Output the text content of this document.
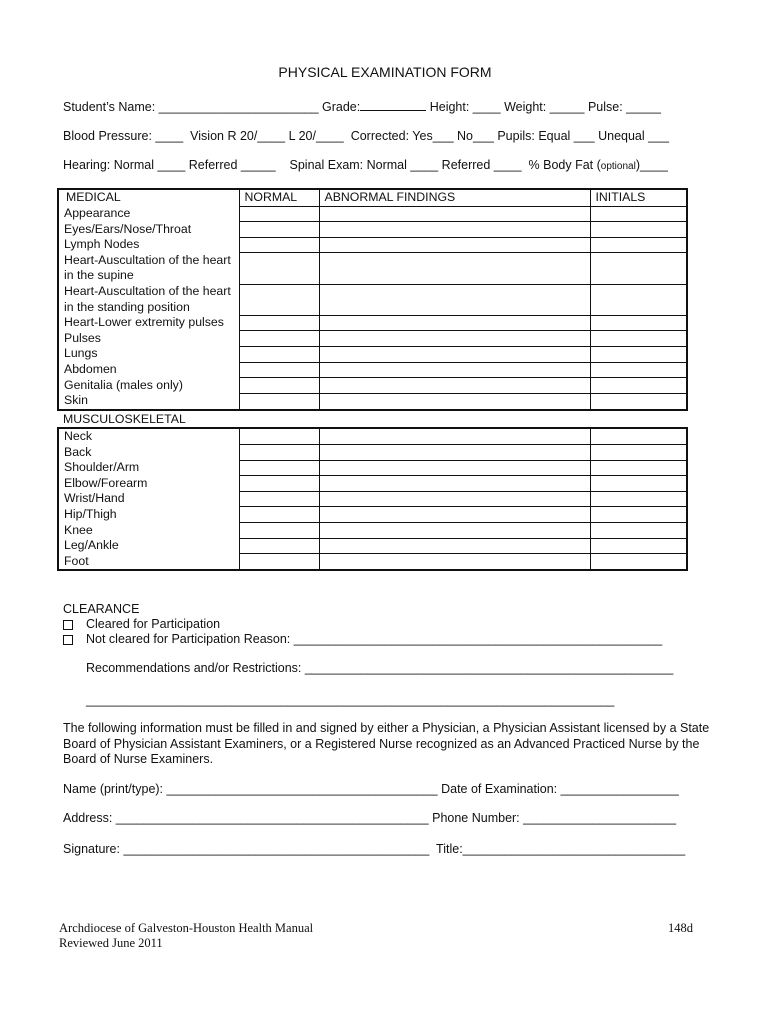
PHYSICAL EXAMINATION FORM
Student’s Name: _______________________ Grade:	Height: ____ Weight: _____ Pulse: _____
Blood Pressure: ____  Vision R 20/____ L 20/____  Corrected: Yes___ No___ Pupils: Equal ___ Unequal ___
Hearing: Normal ____ Referred _____    Spinal Exam: Normal ____ Referred ____  % Body Fat (optional)____
MEDICAL	NORMAL	ABNORMAL FINDINGS	INITIALS
Appearance			
Eyes/Ears/Nose/Throat			
Lymph Nodes			
Heart-Auscultation of the heart in the supine			
Heart-Auscultation of the heart in the standing position			
Heart-Lower extremity pulses			
Pulses			
Lungs			
Abdomen			
Genitalia (males only)			
Skin			
MUSCULOSKELETAL
Neck			
Back			
Shoulder/Arm			
Elbow/Forearm			
Wrist/Hand			
Hip/Thigh			
Knee			
Leg/Ankle			
Foot			
CLEARANCE
Cleared for Participation
Not cleared for Participation Reason: _____________________________________________________
Recommendations and/or Restrictions: _____________________________________________________
____________________________________________________________________________
The following information must be filled in and signed by either a Physician, a Physician Assistant licensed by a State Board of Physician Assistant Examiners, or a Registered Nurse recognized as an Advanced Practiced Nurse by the Board of Nurse Examiners.
Name (print/type): _______________________________________ Date of Examination: _________________
Address: _____________________________________________ Phone Number: ______________________
Signature: ____________________________________________  Title:________________________________
Archdiocese of Galveston-Houston Health Manual
Reviewed June 2011
148d
